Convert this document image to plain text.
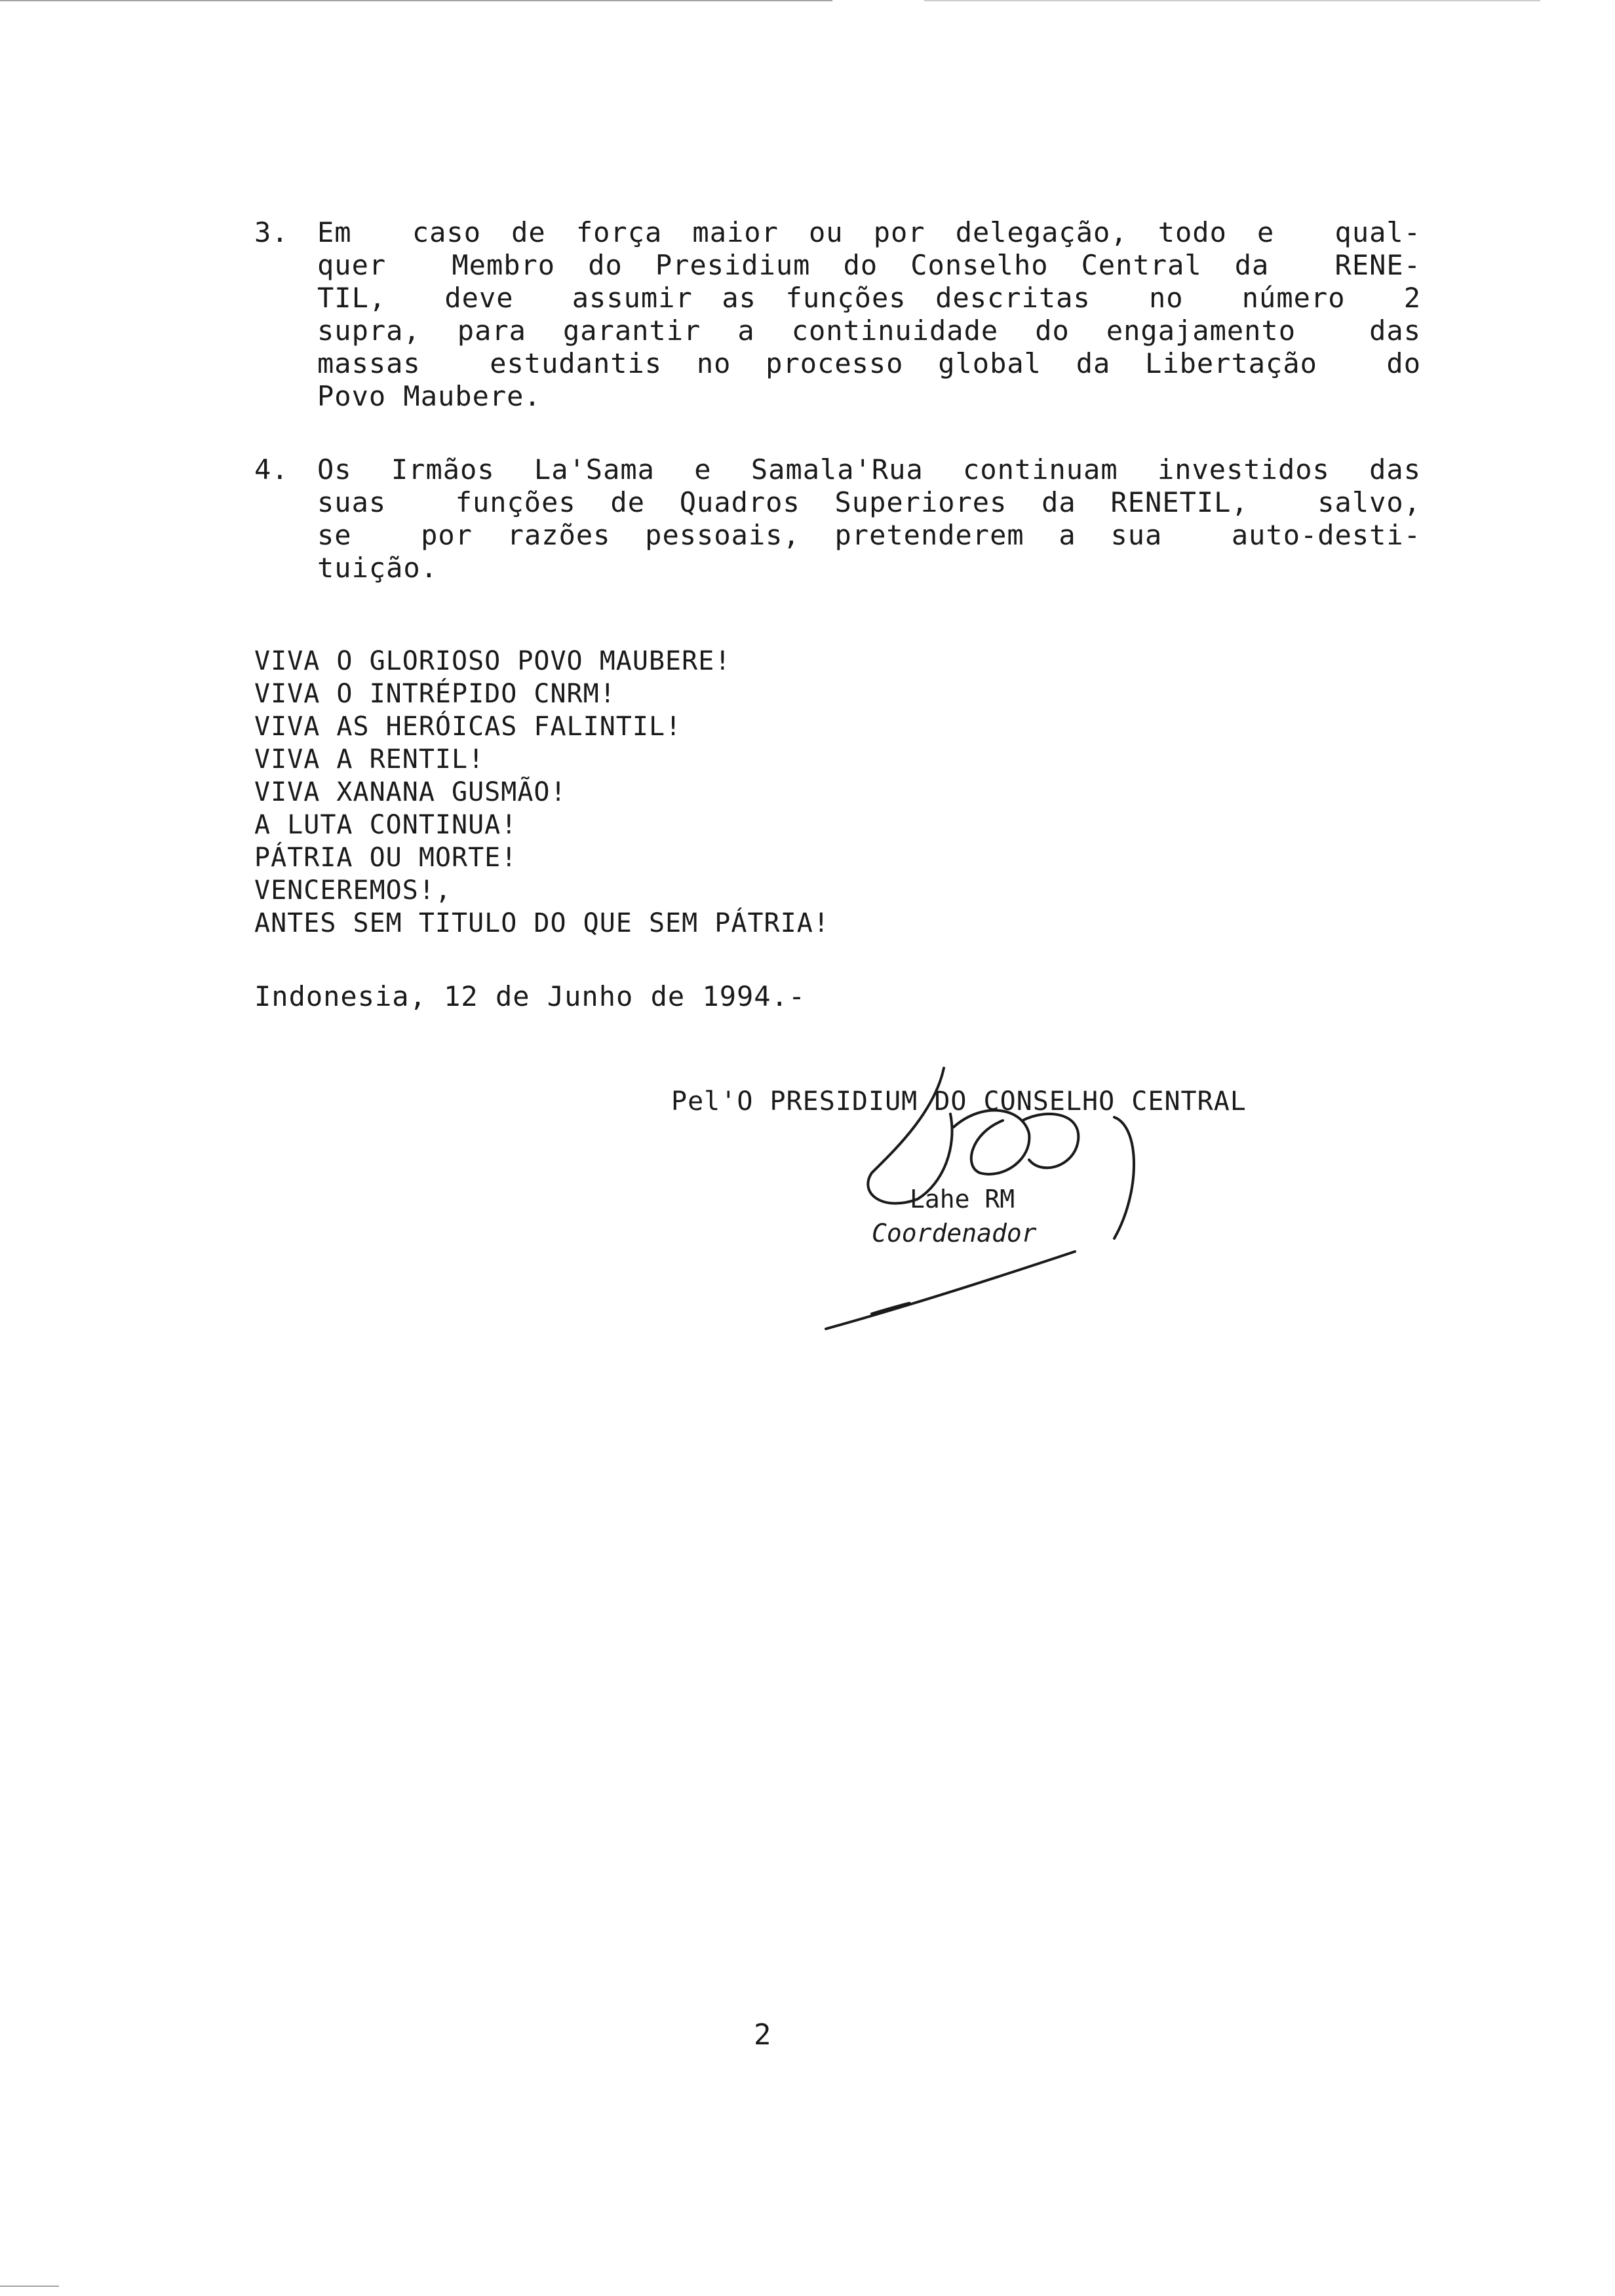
3. Em  caso de força maior ou por delegação, todo e  qual-
quer  Membro do Presidium do Conselho Central da  RENE-
TIL,  deve  assumir as funções descritas  no  número  2
supra, para garantir a continuidade do engajamento  das
massas  estudantis no processo global da Libertação  do
Povo Maubere.
4. Os Irmãos La'Sama e Samala'Rua continuam investidos das
suas  funções de Quadros Superiores da RENETIL,  salvo,
se  por razões pessoais, pretenderem a sua  auto-desti-
tuição.
VIVA O GLORIOSO POVO MAUBERE!
VIVA O INTRÉPIDO CNRM!
VIVA AS HERÓICAS FALINTIL!
VIVA A RENTIL!
VIVA XANANA GUSMÃO!
A LUTA CONTINUA!
PÁTRIA OU MORTE!
VENCEREMOS!,
ANTES SEM TITULO DO QUE SEM PÁTRIA!
Indonesia, 12 de Junho de 1994.-
Pel'O PRESIDIUM DO CONSELHO CENTRAL
Lahe RM
Coordenador
2
